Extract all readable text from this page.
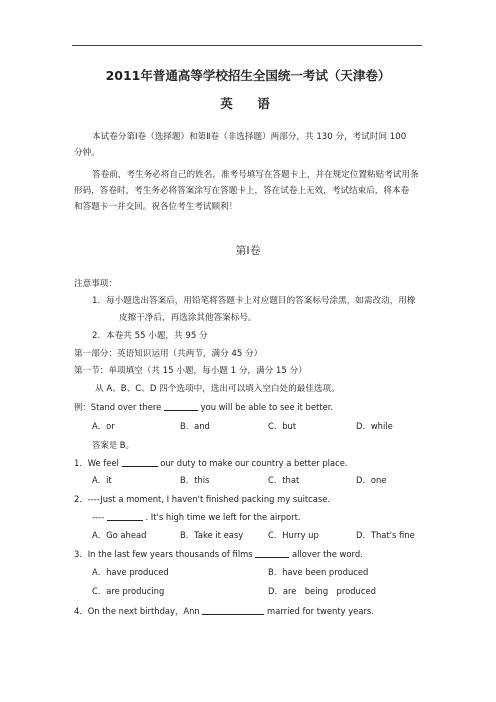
2011年普通高等学校招生全国统一考试（天津卷）
英　语
本试卷分第Ⅰ卷（选择题）和第Ⅱ卷（非选择题）两部分，共 130 分，考试时间 100
分钟。
答卷前，考生务必将自己的姓名，准考号填写在答题卡上，并在规定位置粘贴考试用条
形码，答卷时，考生务必将答案涂写在答题卡上，答在试卷上无效，考试结束后，将本卷
和答题卡一并交回。祝各位考生考试顺利！
第Ⅰ卷
注意事项：
1．每小题选出答案后，用铅笔将答题卡上对应题目的答案标号涂黑，如需改动，用橡
皮擦干净后，再选涂其他答案标号。
2．本卷共 55 小题，共 95 分
第一部分：英语知识运用（共两节，满分 45 分）
第一节：单项填空（共 15 小题，每小题 1 分，满分 15 分）
从 A、B、C、D 四个选项中，选出可以填入空白处的最佳选项。
例：Stand over there	you will be able to see it better.
A．or	B．and	C．but	D．while
答案是 B。
1．We feel	our duty to make our country a better place.
A．it	B．this	C．that	D．one
2．----Just a moment, I haven't finished packing my suitcase.
----	. It's high time we left for the airport.
A．Go ahead	B．Take it easy	C．Hurry up	D．That's fine
3．In the last few years thousands of films	allover the word.
A．have produced	B．have been produced
C．are producing	D．are　being　produced
4．On the next birthday，Ann	married for twenty years.
